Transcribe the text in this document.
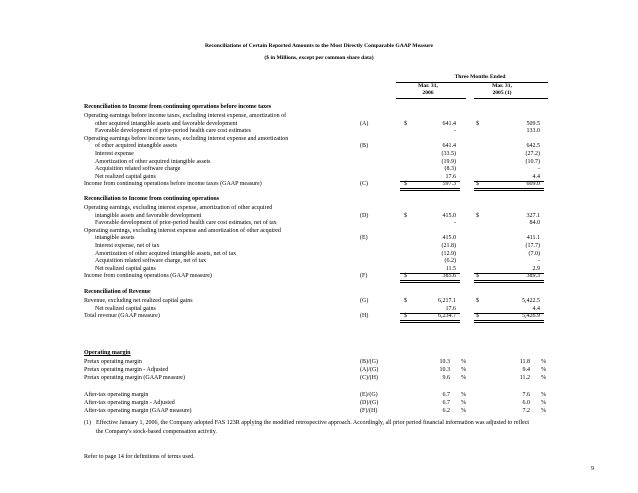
Reconciliations of Certain Reported Amounts to the Most Directly Comparable GAAP Measure
($ in Millions, except per common share data)
Three Months Ended
Mar. 31,
2006
Mar. 31,
2005 (1)
Reconciliation to Income from continuing operations before income taxes
Operating earnings before income taxes, excluding interest expense, amortization of
other acquired intangible assets and favorable development	(A)	$	641.4	$	509.5
Favorable development of prior-period health care cost estimates	-	133.0
Operating earnings before income taxes, excluding interest expense and amortization
of other acquired intangible assets	(B)	641.4	642.5
Interest expense	(33.5)	(27.2)
Amortization of other acquired intangible assets	(19.9)	(10.7)
Acquisition related software charge	(8.3)	-
Net realized capital gains	17.6	4.4
Income from continuing operations before income taxes (GAAP measure)	(C)	$	597.3	$	609.0
Reconciliation to Income from continuing operations
Operating earnings, excluding interest expense, amortization of other acquired
intangible assets and favorable development	(D)	$	415.0	$	327.1
Favorable development of prior-period health care cost estimates, net of tax	-	84.0
Operating earnings, excluding interest expense and amortization of other acquired
intangible assets	(E)	415.0	411.1
Interest expense, net of tax	(21.8)	(17.7)
Amortization of other acquired intangible assets, net of tax	(12.9)	(7.0)
Acquisition related software charge, net of tax	(6.2)	-
Net realized capital gains	11.5	2.9
Income from continuing operations (GAAP measure)	(F)	$	385.6	$	389.3
Reconciliation of Revenue
Revenue, excluding net realized capital gains	(G)	$	6,217.1	$	5,422.5
Net realized capital gains	17.6	4.4
Total revenue (GAAP measure)	(H)	$	6,234.7	$	5,426.9
Operating margin
Pretax operating margin	(B)/(G)	10.3 %	11.8 %
Pretax operating margin - Adjusted	(A)/(G)	10.3 %	9.4 %
Pretax operating margin (GAAP measure)	(C)/(H)	9.6 %	11.2 %
After-tax operating margin	(E)/(G)	6.7 %	7.6 %
After-tax operating margin - Adjusted	(D)/(G)	6.7 %	6.0 %
After-tax operating margin (GAAP measure)	(F)/(H)	6.2 %	7.2 %
(1) Effective January 1, 2006, the Company adopted FAS 123R applying the modified retrospective approach. Accordingly, all prior period financial information was adjusted to reflect
the Company's stock-based compensation activity.
Refer to page 14 for definitions of terms used.
9
